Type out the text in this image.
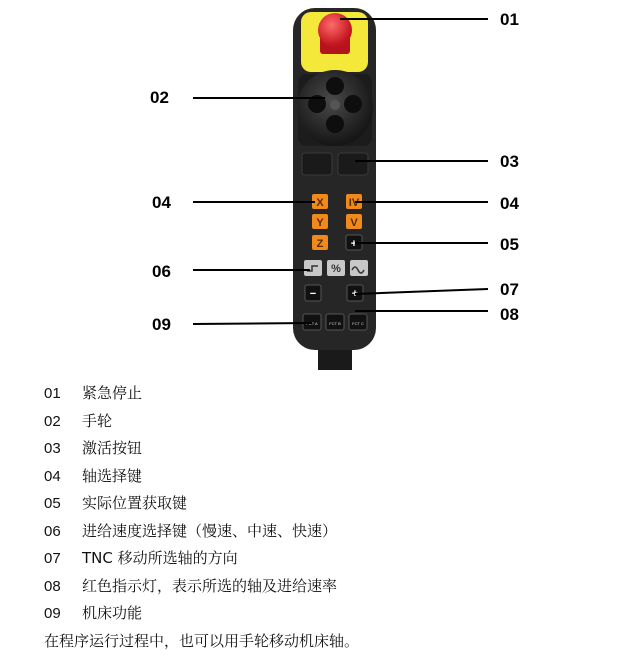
X IV
Y V
Z +
%
−	+
FCT A	FCT B	FCT C
01
02
03
04	04
05
06
07
08
09
01 紧急停止
02 手轮
03 激活按钮
04 轴选择键
05 实际位置获取键
06 进给速度选择键（慢速、中速、快速）
07 TNC 移动所选轴的方向
08 红色指示灯，表示所选的轴及进给速率
09 机床功能
在程序运行过程中，也可以用手轮移动机床轴。
